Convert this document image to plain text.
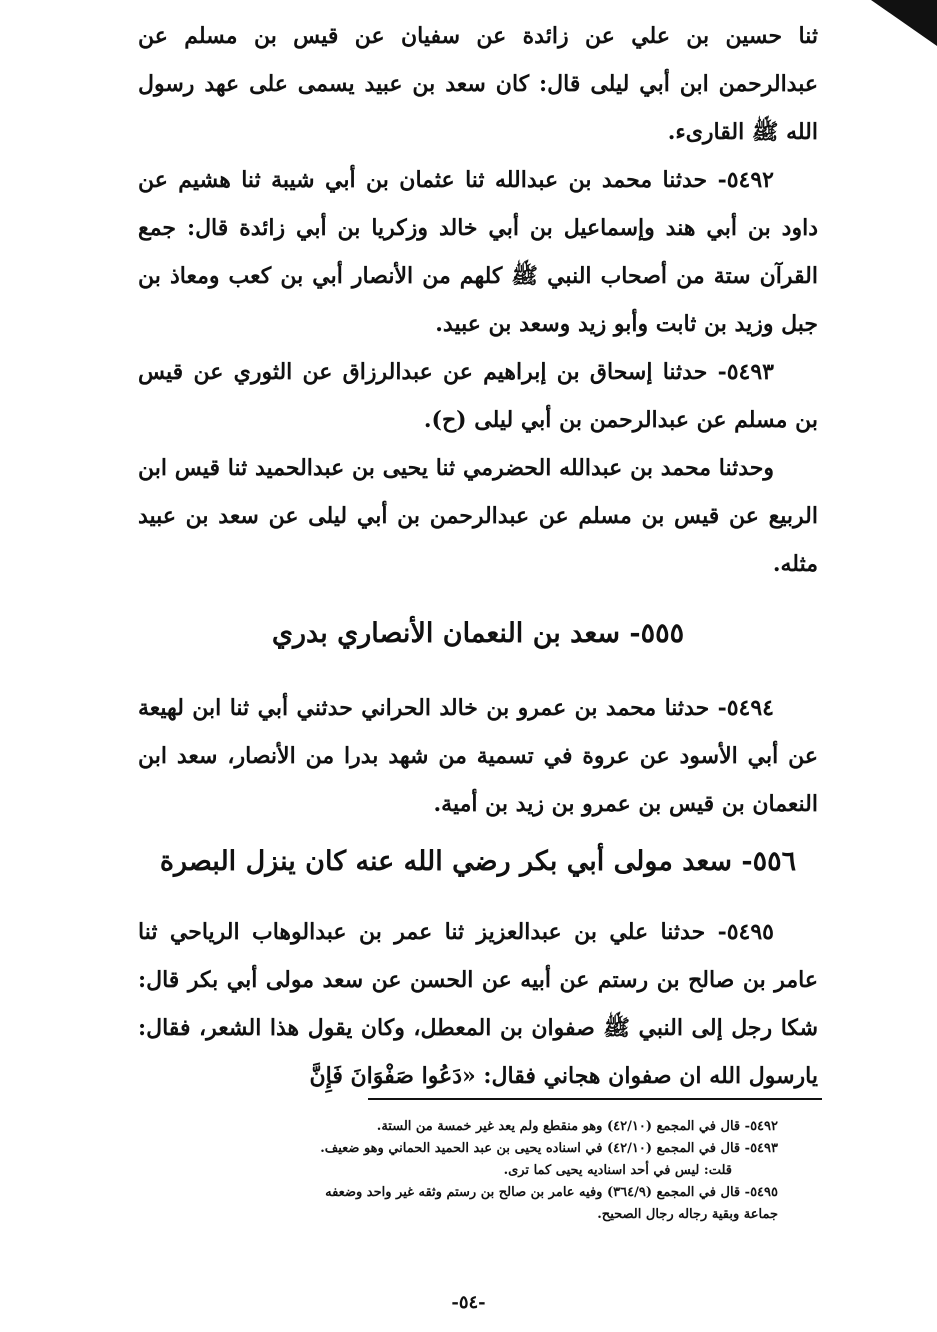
ثنا حسين بن علي عن زائدة عن سفيان عن قيس بن مسلم عن عبدالرحمن ابن أبي ليلى قال: كان سعد بن عبيد يسمى على عهد رسول الله ﷺ القارىء.

٥٤٩٢- حدثنا محمد بن عبدالله ثنا عثمان بن أبي شيبة ثنا هشيم عن داود بن أبي هند وإسماعيل بن أبي خالد وزكريا بن أبي زائدة قال: جمع القرآن ستة من أصحاب النبي ﷺ كلهم من الأنصار أبي بن كعب ومعاذ بن جبل وزيد بن ثابت وأبو زيد وسعد بن عبيد.

٥٤٩٣- حدثنا إسحاق بن إبراهيم عن عبدالرزاق عن الثوري عن قيس بن مسلم عن عبدالرحمن بن أبي ليلى (ح).

وحدثنا محمد بن عبدالله الحضرمي ثنا يحيى بن عبدالحميد ثنا قيس ابن الربيع عن قيس بن مسلم عن عبدالرحمن بن أبي ليلى عن سعد بن عبيد مثله.

٥٥٥- سعد بن النعمان الأنصاري بدري

٥٤٩٤- حدثنا محمد بن عمرو بن خالد الحراني حدثني أبي ثنا ابن لهيعة عن أبي الأسود عن عروة في تسمية من شهد بدرا من الأنصار، سعد ابن النعمان بن قيس بن عمرو بن زيد بن أمية.

٥٥٦- سعد مولى أبي بكر رضي الله عنه كان ينزل البصرة

٥٤٩٥- حدثنا علي بن عبدالعزيز ثنا عمر بن عبدالوهاب الرياحي ثنا عامر بن صالح بن رستم عن أبيه عن الحسن عن سعد مولى أبي بكر قال: شكا رجل إلى النبي ﷺ صفوان بن المعطل، وكان يقول هذا الشعر، فقال: يارسول الله ان صفوان هجاني فقال: «دَعُوا صَفْوَانَ فَإِنَّ

٥٤٩٢- قال في المجمع (٤٢/١٠) وهو منقطع ولم يعد غير خمسة من الستة.

٥٤٩٣- قال في المجمع (٤٢/١٠) في اسناده يحيى بن عبد الحميد الحماني وهو ضعيف.

قلت: ليس في أحد اسناديه يحيى كما ترى.

٥٤٩٥- قال في المجمع (٣٦٤/٩) وفيه عامر بن صالح بن رستم وثقه غير واحد وضعفه

جماعة وبقية رجاله رجال الصحيح.

-٥٤-
